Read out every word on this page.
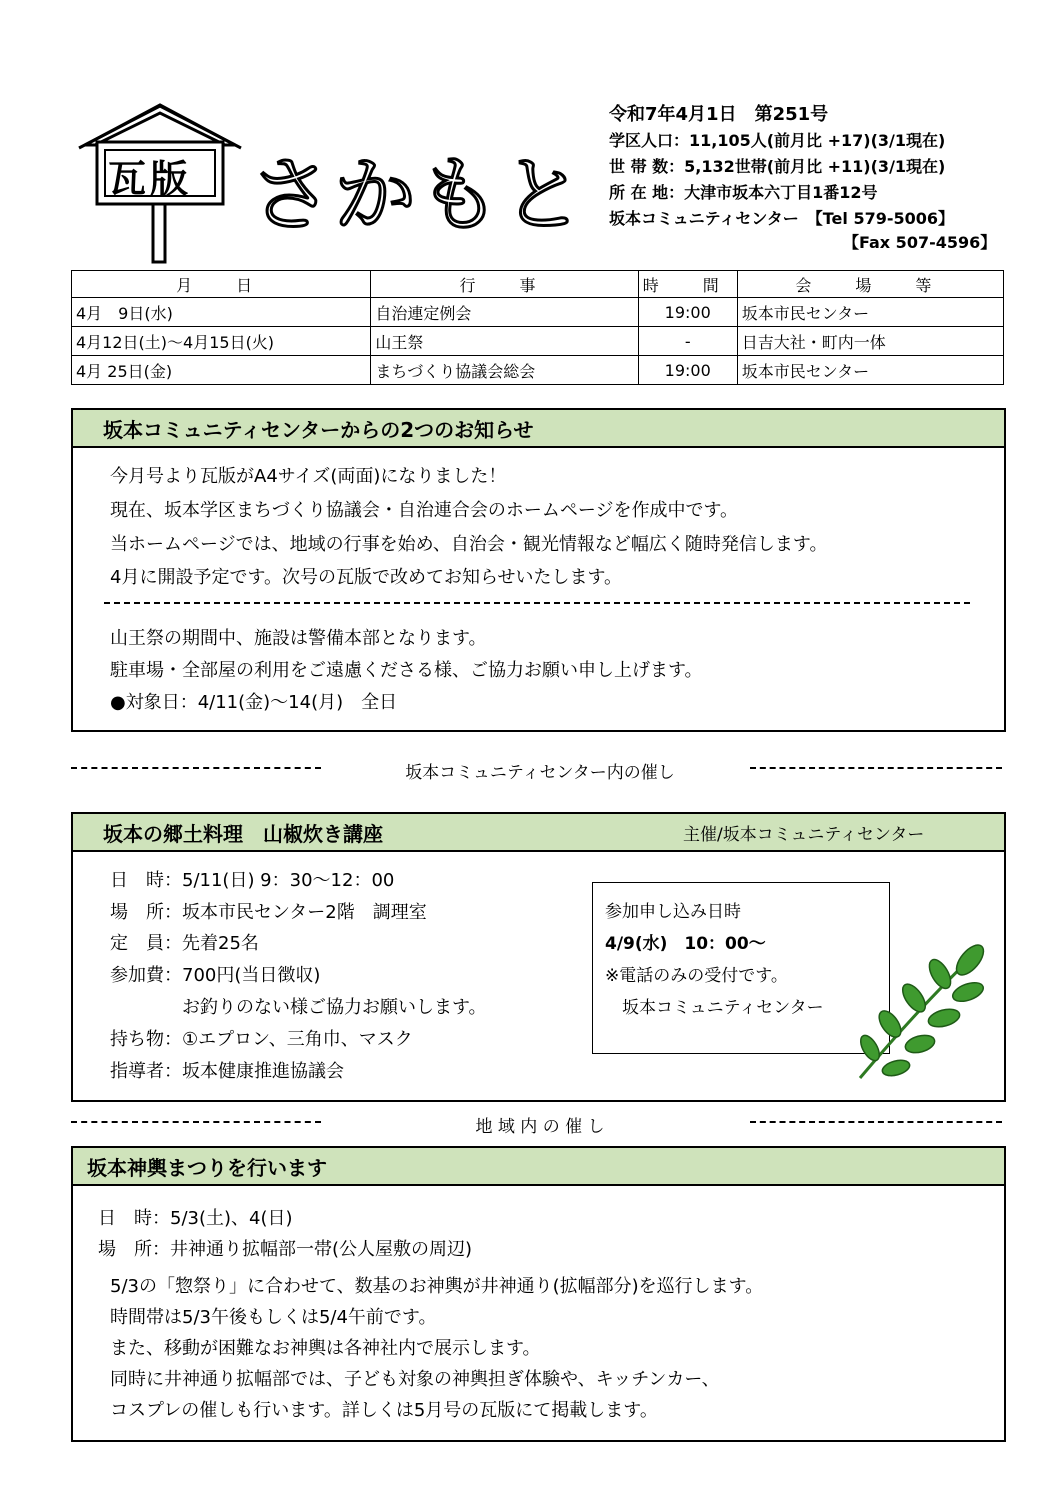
瓦版 さかもと
令和7年4月1日　第251号
学区人口：11,105人(前月比 +17)(3/1現在)
世 帯 数：5,132世帯(前月比 +11)(3/1現在)
所 在 地：大津市坂本六丁目1番12号
坂本コミュニティセンター　【Tel 579-5006】
【Fax 507-4596】
月　日	行　事	時　間	会　場　等
4月　9日(水)	自治連定例会	19:00	坂本市民センター
4月12日(土)～4月15日(火)	山王祭	-	日吉大社・町内一体
4月 25日(金)	まちづくり協議会総会	19:00	坂本市民センター
坂本コミュニティセンターからの2つのお知らせ
今月号より瓦版がA4サイズ(両面)になりました！
現在、坂本学区まちづくり協議会・自治連合会のホームページを作成中です。
当ホームページでは、地域の行事を始め、自治会・観光情報など幅広く随時発信します。
4月に開設予定です。次号の瓦版で改めてお知らせいたします。
山王祭の期間中、施設は警備本部となります。
駐車場・全部屋の利用をご遠慮くださる様、ご協力お願い申し上げます。
●対象日：4/11(金)～14(月)　全日
坂本コミュニティセンター内の催し
坂本の郷土料理　山椒炊き講座	主催/坂本コミュニティセンター
日　時：5/11(日) 9：30～12：00
場　所：坂本市民センター2階　調理室
定　員：先着25名
参加費：700円(当日徴収)
　　　　お釣りのない様ご協力お願いします。
持ち物：①エプロン、三角巾、マスク
指導者：坂本健康推進協議会
参加申し込み日時
4/9(水)　10：00～
※電話のみの受付です。
　坂本コミュニティセンター
地 域 内 の 催 し
坂本神輿まつりを行います
日　時：5/3(土)、4(日)
場　所：井神通り拡幅部一帯(公人屋敷の周辺)
5/3の「惣祭り」に合わせて、数基のお神輿が井神通り(拡幅部分)を巡行します。
時間帯は5/3午後もしくは5/4午前です。
また、移動が困難なお神輿は各神社内で展示します。
同時に井神通り拡幅部では、子ども対象の神輿担ぎ体験や、キッチンカー、
コスプレの催しも行います。詳しくは5月号の瓦版にて掲載します。
